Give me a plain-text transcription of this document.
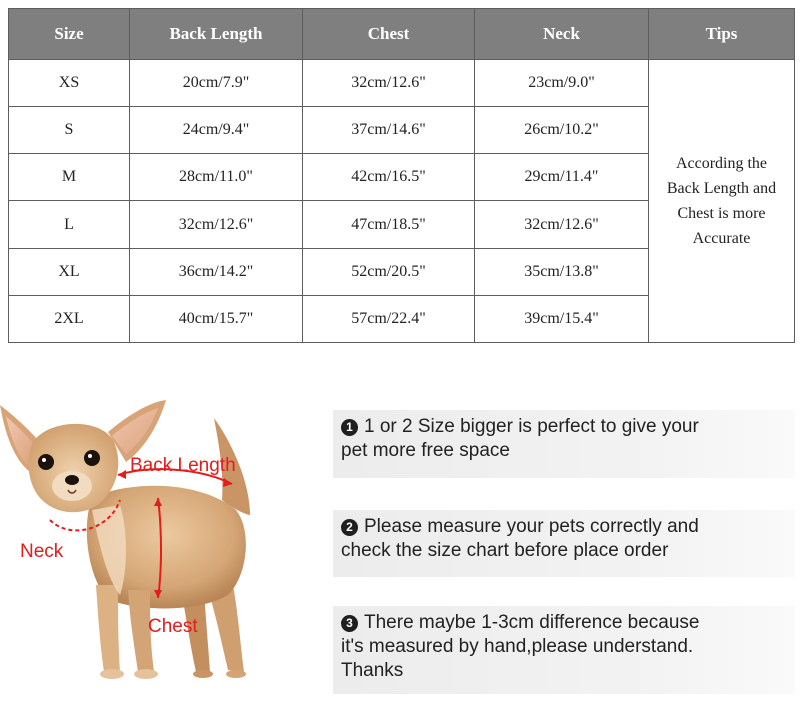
Size	Back Length	Chest	Neck	Tips
XS	20cm/7.9"	32cm/12.6"	23cm/9.0"	According the
Back Length and
Chest is more
Accurate

S	24cm/9.4"	37cm/14.6"	26cm/10.2"	
M	28cm/11.0"	42cm/16.5"	29cm/11.4"	
L	32cm/12.6"	47cm/18.5"	32cm/12.6"	
XL	36cm/14.2"	52cm/20.5"	35cm/13.8"	
2XL	40cm/15.7"	57cm/22.4"	39cm/15.4"	
Back Length
Neck
Chest
1 1 or 2 Size bigger is perfect to give your
pet more free space
2 Please measure your pets correctly and
check the size chart before place order
3 There maybe 1-3cm difference because
it's measured by hand,please understand.
Thanks
